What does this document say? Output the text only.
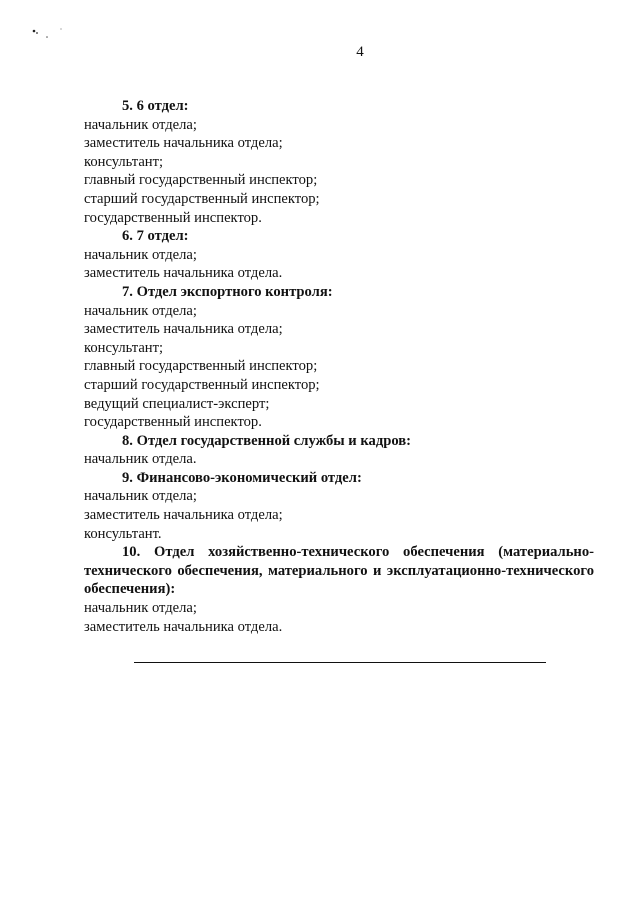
4

5. 6 отдел:

начальник отдела;

заместитель начальника отдела;

консультант;

главный государственный инспектор;

старший государственный инспектор;

государственный инспектор.

6. 7 отдел:

начальник отдела;

заместитель начальника отдела.

7. Отдел экспортного контроля:

начальник отдела;

заместитель начальника отдела;

консультант;

главный государственный инспектор;

старший государственный инспектор;

ведущий специалист-эксперт;

государственный инспектор.

8. Отдел государственной службы и кадров:

начальник отдела.

9. Финансово-экономический отдел:

начальник отдела;

заместитель начальника отдела;

консультант.

10. Отдел хозяйственно-технического обеспечения (материально-технического обеспечения, материального и эксплуатационно-технического обеспечения):

начальник отдела;

заместитель начальника отдела.
